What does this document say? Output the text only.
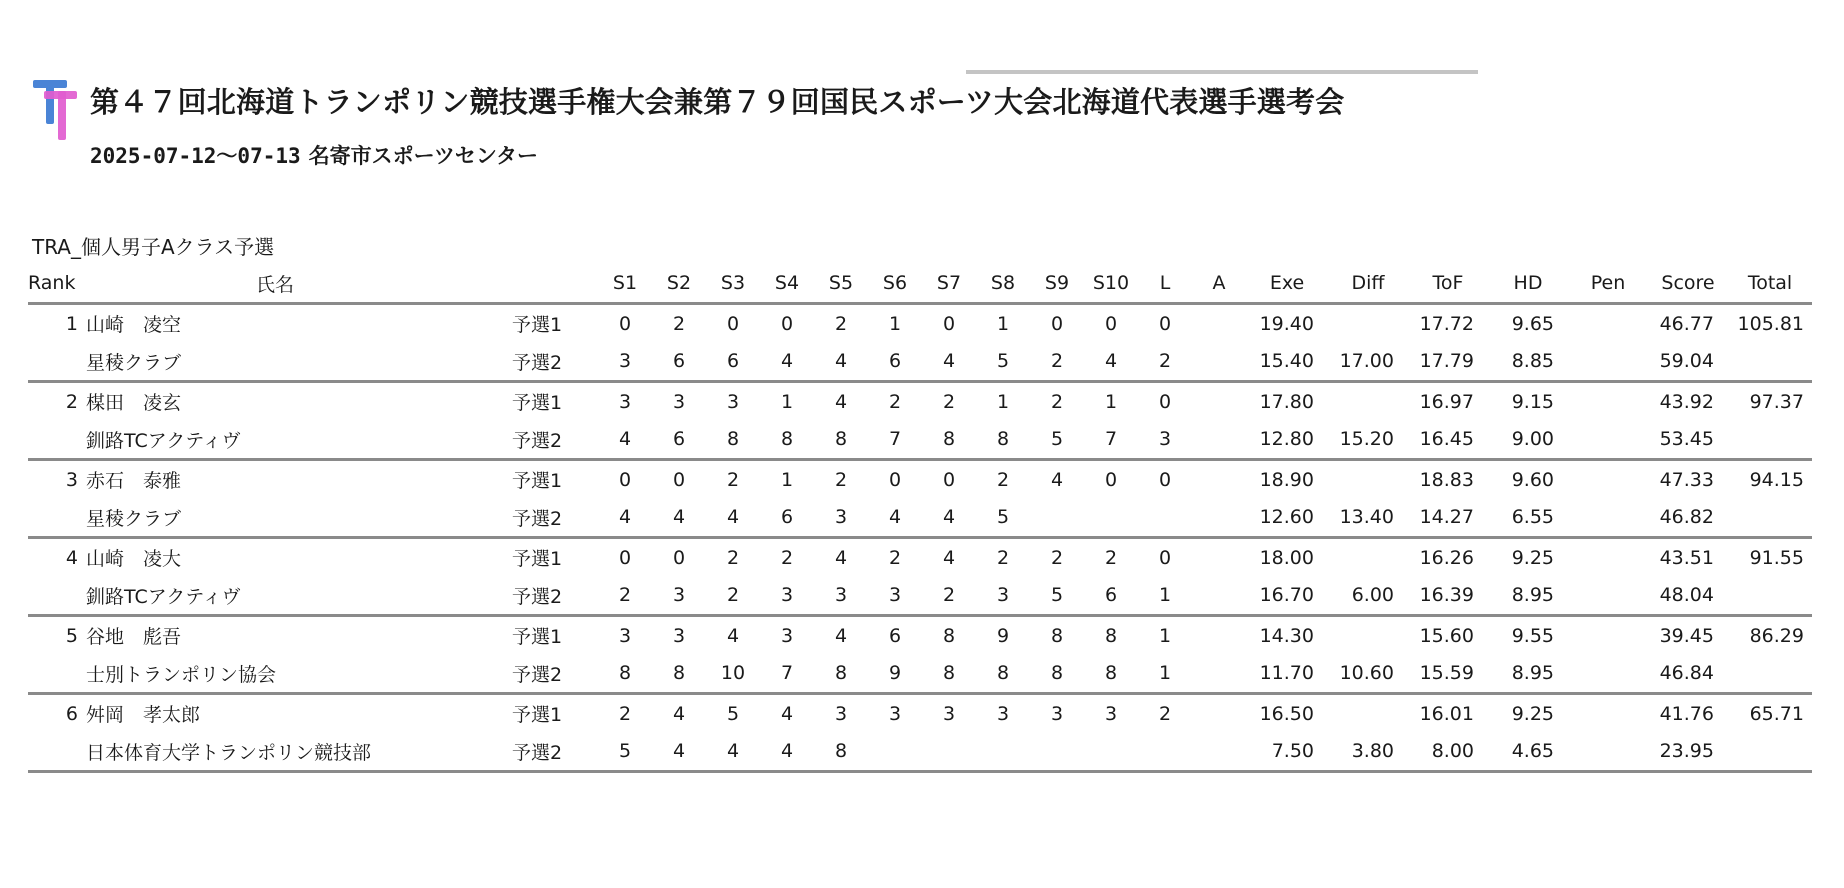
第４７回北海道トランポリン競技選手権大会兼第７９回国民スポーツ大会北海道代表選手選考会
2025-07-12～07-13 名寄市スポーツセンター
TRA_個人男子Aクラス予選
Rank	氏名		S1	S2	S3	S4	S5	S6	S7	S8	S9	S10	L	A	Exe	Diff	ToF	HD	Pen	Score	Total
1	山崎　凌空	予選1	0	2	0	0	2	1	0	1	0	0	0		19.40		17.72	9.65		46.77	105.81
	星稜クラブ	予選2	3	6	6	4	4	6	4	5	2	4	2		15.40	17.00	17.79	8.85		59.04	
2	楳田　凌玄	予選1	3	3	3	1	4	2	2	1	2	1	0		17.80		16.97	9.15		43.92	97.37
	釧路TCアクティヴ	予選2	4	6	8	8	8	7	8	8	5	7	3		12.80	15.20	16.45	9.00		53.45	
3	赤石　泰雅	予選1	0	0	2	1	2	0	0	2	4	0	0		18.90		18.83	9.60		47.33	94.15
	星稜クラブ	予選2	4	4	4	6	3	4	4	5					12.60	13.40	14.27	6.55		46.82	
4	山崎　凌大	予選1	0	0	2	2	4	2	4	2	2	2	0		18.00		16.26	9.25		43.51	91.55
	釧路TCアクティヴ	予選2	2	3	2	3	3	3	2	3	5	6	1		16.70	6.00	16.39	8.95		48.04	
5	谷地　彪吾	予選1	3	3	4	3	4	6	8	9	8	8	1		14.30		15.60	9.55		39.45	86.29
	士別トランポリン協会	予選2	8	8	10	7	8	9	8	8	8	8	1		11.70	10.60	15.59	8.95		46.84	
6	舛岡　孝太郎	予選1	2	4	5	4	3	3	3	3	3	3	2		16.50		16.01	9.25		41.76	65.71
	日本体育大学トランポリン競技部	予選2	5	4	4	4	8								7.50	3.80	8.00	4.65		23.95	
